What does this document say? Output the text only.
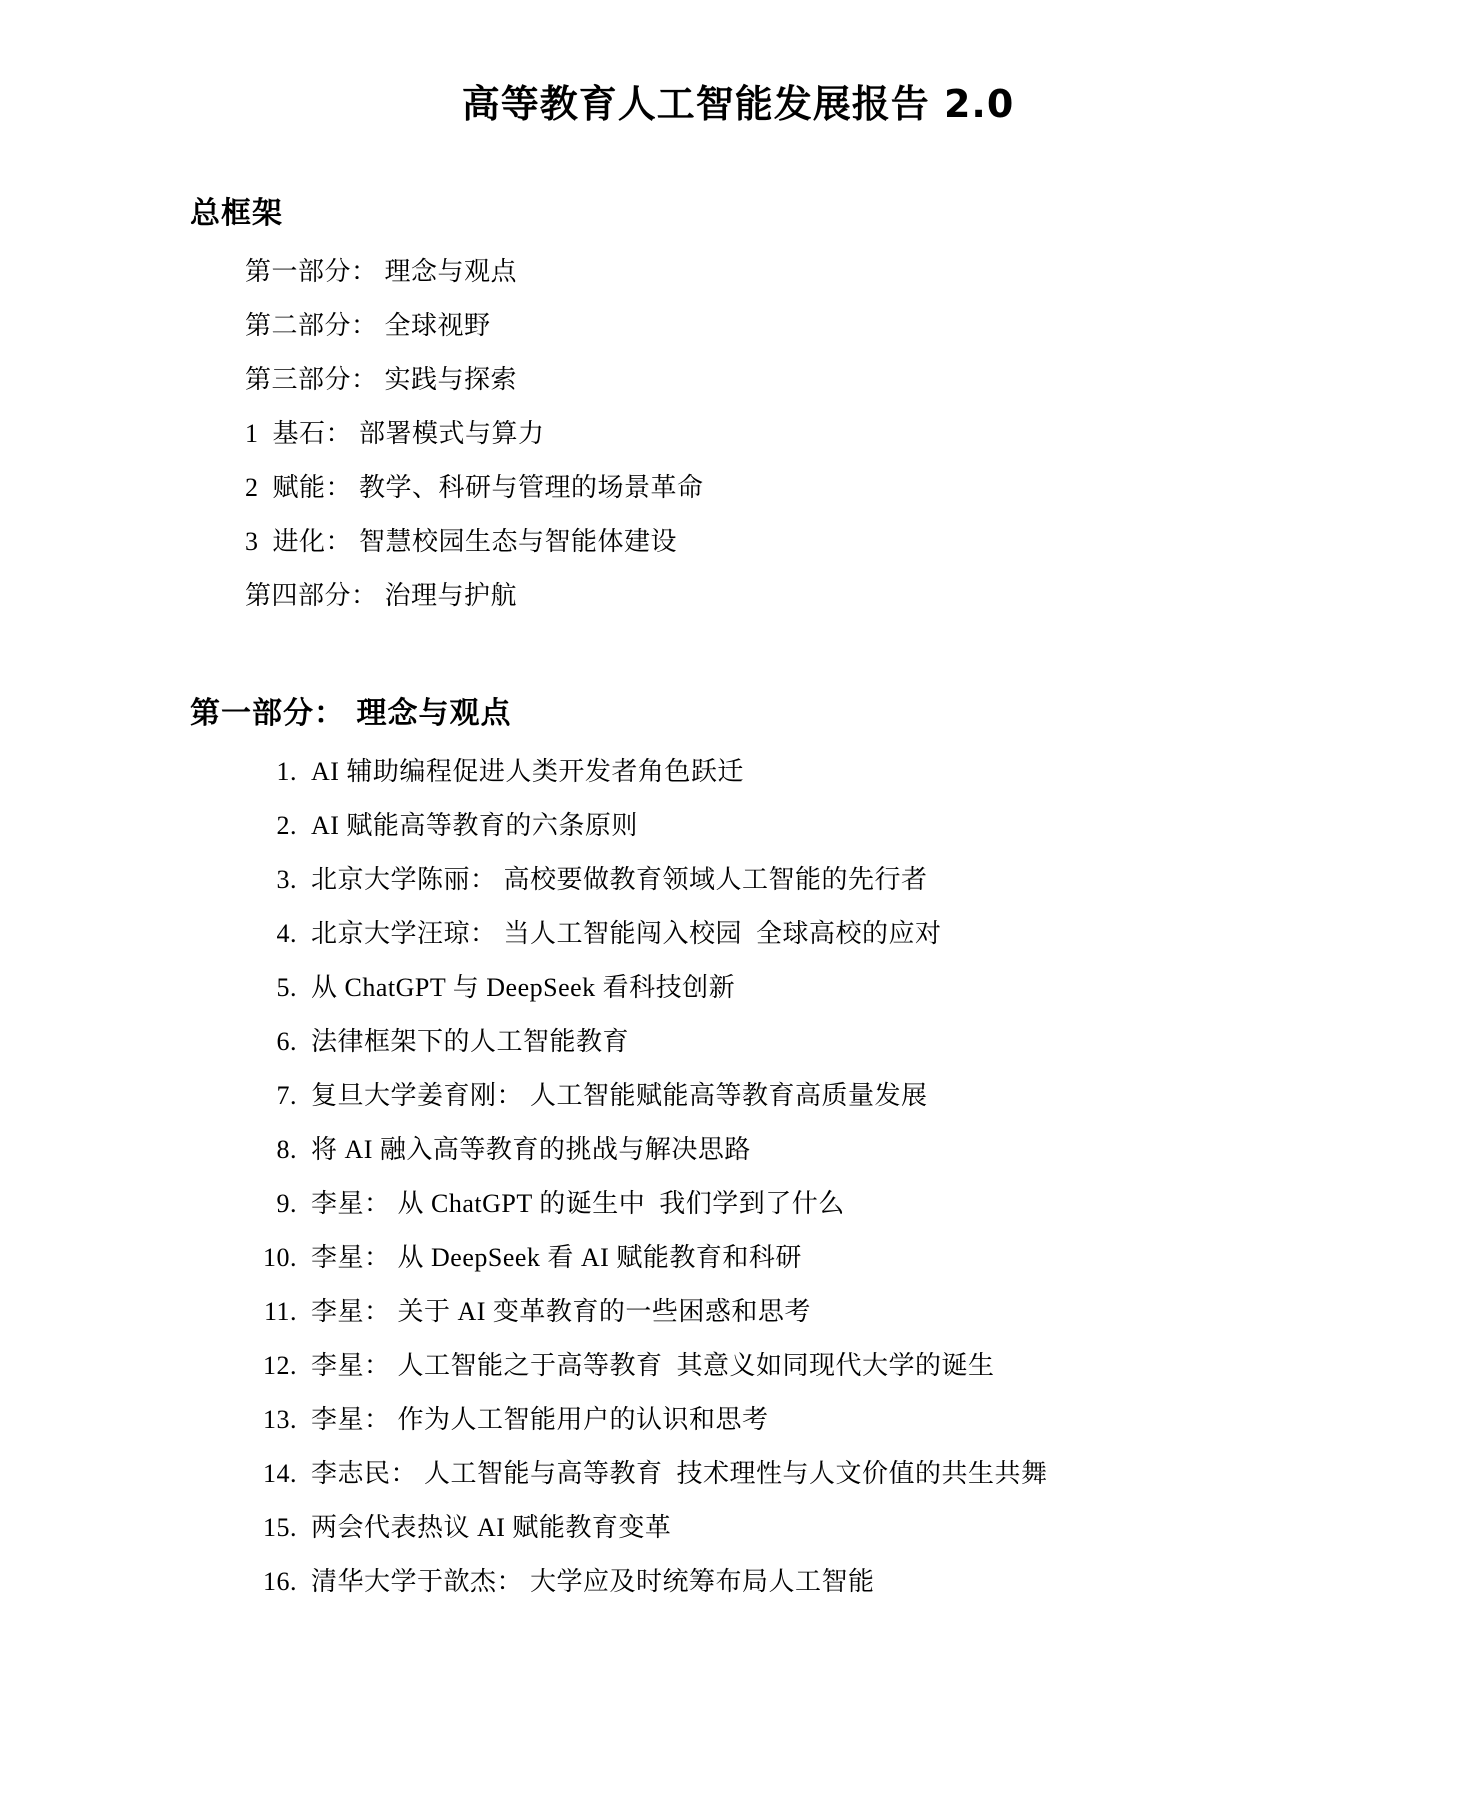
高等教育人工智能发展报告 2.0
总框架
第一部分： 理念与观点
第二部分： 全球视野
第三部分： 实践与探索
1  基石： 部署模式与算力
2  赋能： 教学、科研与管理的场景革命
3  进化： 智慧校园生态与智能体建设
第四部分： 治理与护航
第一部分： 理念与观点
1. AI 辅助编程促进人类开发者角色跃迁
2. AI 赋能高等教育的六条原则
3. 北京大学陈丽： 高校要做教育领域人工智能的先行者
4. 北京大学汪琼： 当人工智能闯入校园  全球高校的应对
5. 从 ChatGPT 与 DeepSeek 看科技创新
6. 法律框架下的人工智能教育
7. 复旦大学姜育刚： 人工智能赋能高等教育高质量发展
8. 将 AI 融入高等教育的挑战与解决思路
9. 李星： 从 ChatGPT 的诞生中  我们学到了什么
10. 李星： 从 DeepSeek 看 AI 赋能教育和科研
11. 李星： 关于 AI 变革教育的一些困惑和思考
12. 李星： 人工智能之于高等教育  其意义如同现代大学的诞生
13. 李星： 作为人工智能用户的认识和思考
14. 李志民： 人工智能与高等教育  技术理性与人文价值的共生共舞
15. 两会代表热议 AI 赋能教育变革
16. 清华大学于歆杰： 大学应及时统筹布局人工智能
